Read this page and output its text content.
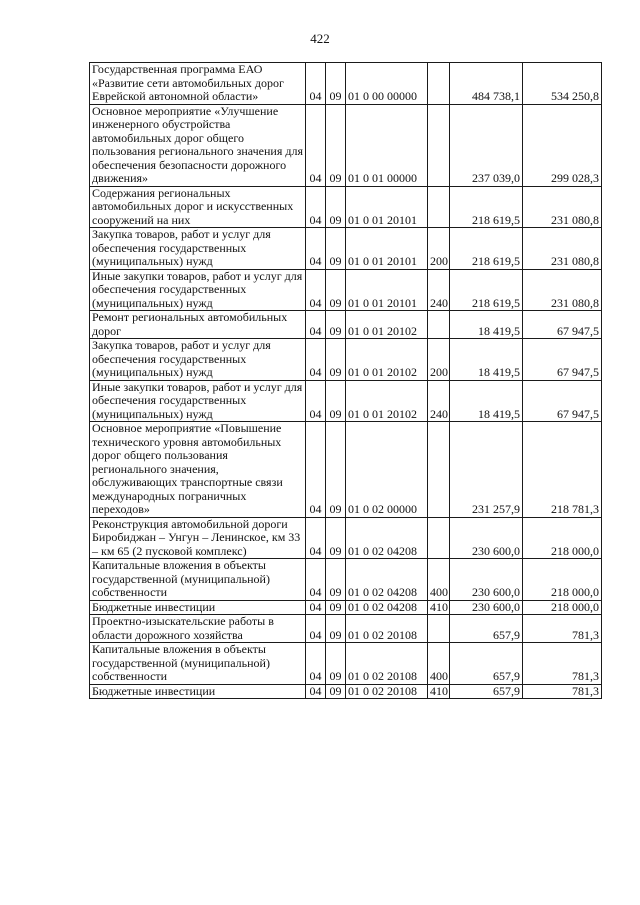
422
Государственная программа ЕАО «Развитие сети автомобильных дорог Еврейской автономной области»	04	09	01 0 00 00000		484 738,1	534 250,8
Основное мероприятие «Улучшение инженерного обустройства автомобильных дорог общего пользования регионального значения для обеспечения безопасности дорожного движения»	04	09	01 0 01 00000		237 039,0	299 028,3
Содержания региональных автомобильных дорог и искусственных сооружений на них	04	09	01 0 01 20101		218 619,5	231 080,8
Закупка товаров, работ и услуг для обеспечения государственных (муниципальных) нужд	04	09	01 0 01 20101	200	218 619,5	231 080,8
Иные закупки товаров, работ и услуг для обеспечения государственных (муниципальных) нужд	04	09	01 0 01 20101	240	218 619,5	231 080,8
Ремонт региональных автомобильных дорог	04	09	01 0 01 20102		18 419,5	67 947,5
Закупка товаров, работ и услуг для обеспечения государственных (муниципальных) нужд	04	09	01 0 01 20102	200	18 419,5	67 947,5
Иные закупки товаров, работ и услуг для обеспечения государственных (муниципальных) нужд	04	09	01 0 01 20102	240	18 419,5	67 947,5
Основное мероприятие «Повышение технического уровня автомобильных дорог общего пользования регионального значения, обслуживающих транспортные связи международных пограничных переходов»	04	09	01 0 02 00000		231 257,9	218 781,3
Реконструкция автомобильной дороги Биробиджан – Унгун – Ленинское, км 33 – км 65 (2 пусковой комплекс)	04	09	01 0 02 04208		230 600,0	218 000,0
Капитальные вложения в объекты государственной (муниципальной) собственности	04	09	01 0 02 04208	400	230 600,0	218 000,0
Бюджетные инвестиции	04	09	01 0 02 04208	410	230 600,0	218 000,0
Проектно-изыскательские работы в области дорожного хозяйства	04	09	01 0 02 20108		657,9	781,3
Капитальные вложения в объекты государственной (муниципальной) собственности	04	09	01 0 02 20108	400	657,9	781,3
Бюджетные инвестиции	04	09	01 0 02 20108	410	657,9	781,3
